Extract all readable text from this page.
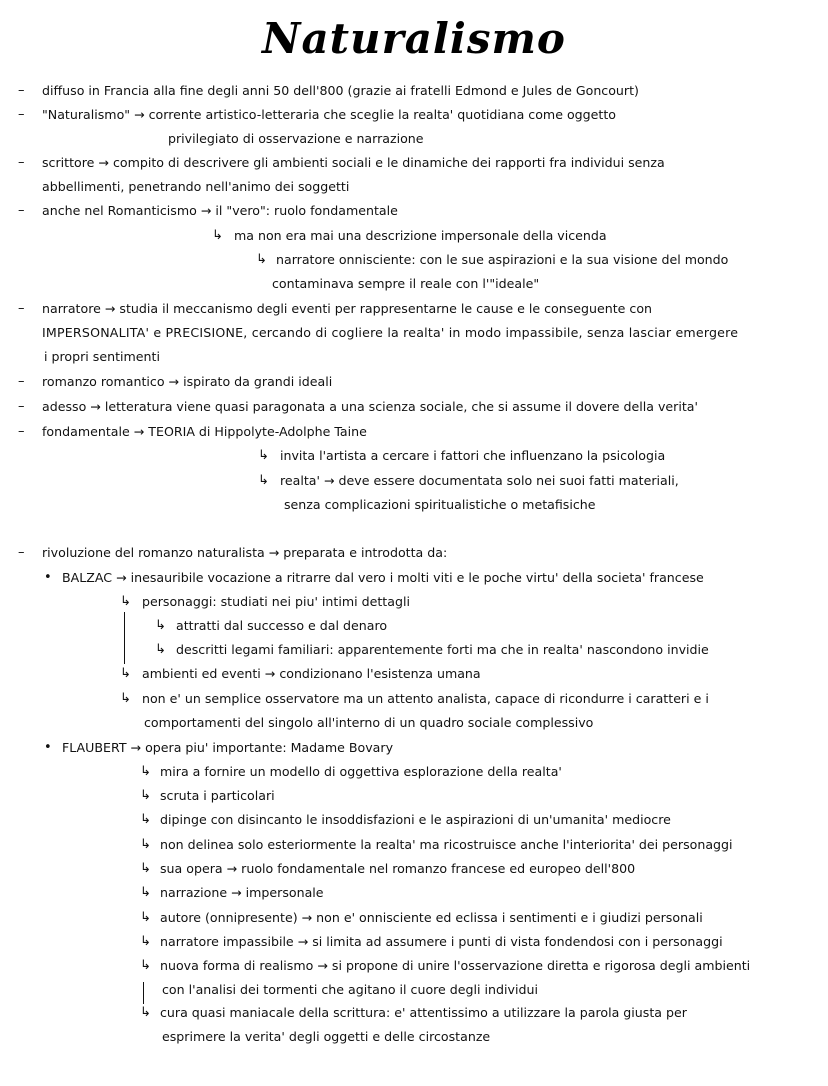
Naturalismo
–
–
–
–
–
–
–
–
–
•
•
↳
↳
↳
↳
↳
↳
↳
↳
↳
↳
↳
↳
↳
↳
↳
↳
↳
↳
↳
diffuso in Francia alla fine degli anni 50 dell'800 (grazie ai fratelli Edmond e Jules de Goncourt)
"Naturalismo" → corrente artistico-letteraria che sceglie la realta' quotidiana come oggetto
privilegiato di osservazione e narrazione
scrittore → compito di descrivere gli ambienti sociali e le dinamiche dei rapporti fra individui senza
abbellimenti, penetrando nell'animo dei soggetti
anche nel Romanticismo → il "vero": ruolo fondamentale
ma non era mai una descrizione impersonale della vicenda
narratore onnisciente: con le sue aspirazioni e la sua visione del mondo
contaminava sempre il reale con l'"ideale"
narratore → studia il meccanismo degli eventi per rappresentarne le cause e le conseguente con
IMPERSONALITA' e PRECISIONE, cercando di cogliere la realta' in modo impassibile, senza lasciar emergere
i propri sentimenti
romanzo romantico → ispirato da grandi ideali
adesso → letteratura viene quasi paragonata a una scienza sociale, che si assume il dovere della verita'
fondamentale → TEORIA di Hippolyte-Adolphe Taine
invita l'artista a cercare i fattori che influenzano la psicologia
realta' → deve essere documentata solo nei suoi fatti materiali,
senza complicazioni spiritualistiche o metafisiche
rivoluzione del romanzo naturalista → preparata e introdotta da:
BALZAC → inesauribile vocazione a ritrarre dal vero i molti viti e le poche virtu' della societa' francese
personaggi: studiati nei piu' intimi dettagli
attratti dal successo e dal denaro
descritti legami familiari: apparentemente forti ma che in realta' nascondono invidie
ambienti ed eventi → condizionano l'esistenza umana
non e' un semplice osservatore ma un attento analista, capace di ricondurre i caratteri e i
comportamenti del singolo all'interno di un quadro sociale complessivo
FLAUBERT → opera piu' importante: Madame Bovary
mira a fornire un modello di oggettiva esplorazione della realta'
scruta i particolari
dipinge con disincanto le insoddisfazioni e le aspirazioni di un'umanita' mediocre
non delinea solo esteriormente la realta' ma ricostruisce anche l'interiorita' dei personaggi
sua opera → ruolo fondamentale nel romanzo francese ed europeo dell'800
narrazione → impersonale
autore (onnipresente) → non e' onnisciente ed eclissa i sentimenti e i giudizi personali
narratore impassibile → si limita ad assumere i punti di vista fondendosi con i personaggi
nuova forma di realismo → si propone di unire l'osservazione diretta e rigorosa degli ambienti
con l'analisi dei tormenti che agitano il cuore degli individui
cura quasi maniacale della scrittura: e' attentissimo a utilizzare la parola giusta per
esprimere la verita' degli oggetti e delle circostanze
